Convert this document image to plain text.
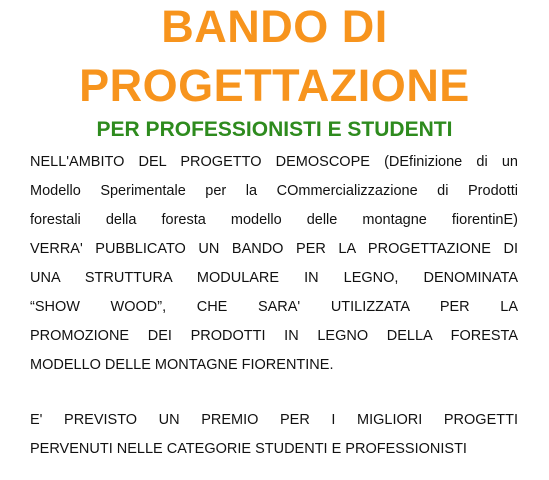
BANDO DI
PROGETTAZIONE
PER PROFESSIONISTI E STUDENTI
NELL'AMBITO DEL PROGETTO DEMOSCOPE (DEfinizione di un
Modello Sperimentale per la COmmercializzazione di Prodotti
forestali della foresta modello delle montagne fiorentinE)
VERRA' PUBBLICATO UN BANDO PER LA PROGETTAZIONE DI
UNA STRUTTURA MODULARE IN LEGNO, DENOMINATA
“SHOW WOOD”, CHE SARA' UTILIZZATA PER LA
PROMOZIONE DEI PRODOTTI IN LEGNO DELLA FORESTA
MODELLO DELLE MONTAGNE FIORENTINE.
E' PREVISTO UN PREMIO PER I MIGLIORI PROGETTI
PERVENUTI NELLE CATEGORIE STUDENTI E PROFESSIONISTI
